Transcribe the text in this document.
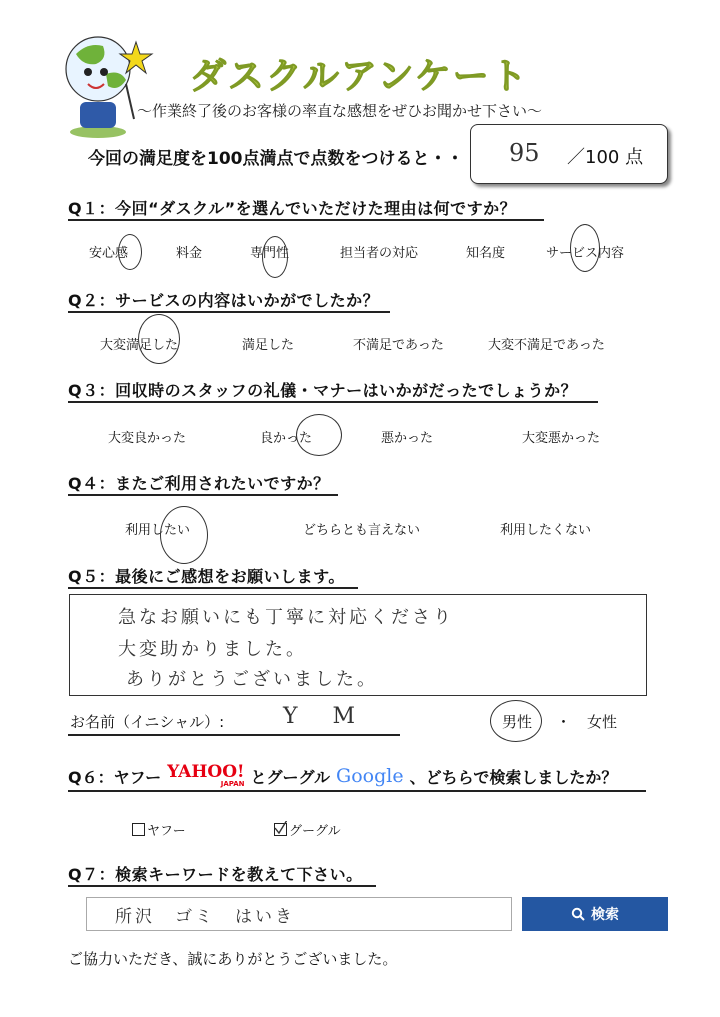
ダスクルアンケート
～作業終了後のお客様の率直な感想をぜひお聞かせ下さい～
今回の満足度を100点満点で点数をつけると・・ 95 ／100 点
Q１：今回“ダスクル”を選んでいただけた理由は何ですか？
安心感	料金	専門性	担当者の対応	知名度	サービス内容
Q２：サービスの内容はいかがでしたか？
大変満足した	満足した	不満足であった	大変不満足であった
Q３：回収時のスタッフの礼儀・マナーはいかがだったでしょうか？
大変良かった	良かった	悪かった	大変悪かった
Q４：またご利用されたいですか？
利用したい	どちらとも言えない	利用したくない
Q５：最後にご感想をお願いします。
急なお願いにも丁寧に対応くださり
大変助かりました。
ありがとうございました。
お名前（イニシャル）:	Y M	男性 ・ 女性
Q６：ヤフー YAHOO!
JAPAN とグーグル Google 、どちらで検索しましたか？
ヤフー	グーグル
Q７：検索キーワードを教えて下さい。
所沢　ゴミ　はいき	検索
ご協力いただき、誠にありがとうございました。
